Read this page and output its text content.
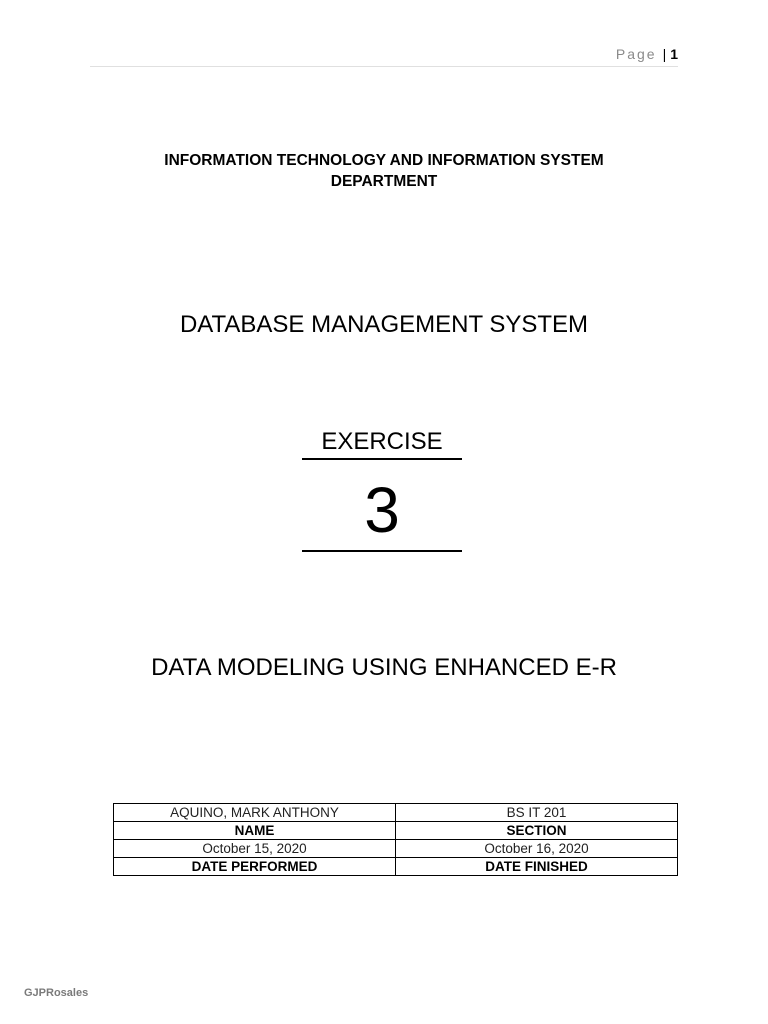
Page | 1
INFORMATION TECHNOLOGY AND INFORMATION SYSTEM
DEPARTMENT
DATABASE MANAGEMENT SYSTEM
EXERCISE
3
DATA MODELING USING ENHANCED E-R
AQUINO, MARK ANTHONY	BS IT 201
NAME	SECTION
October 15, 2020	October 16, 2020
DATE PERFORMED	DATE FINISHED
GJPRosales
